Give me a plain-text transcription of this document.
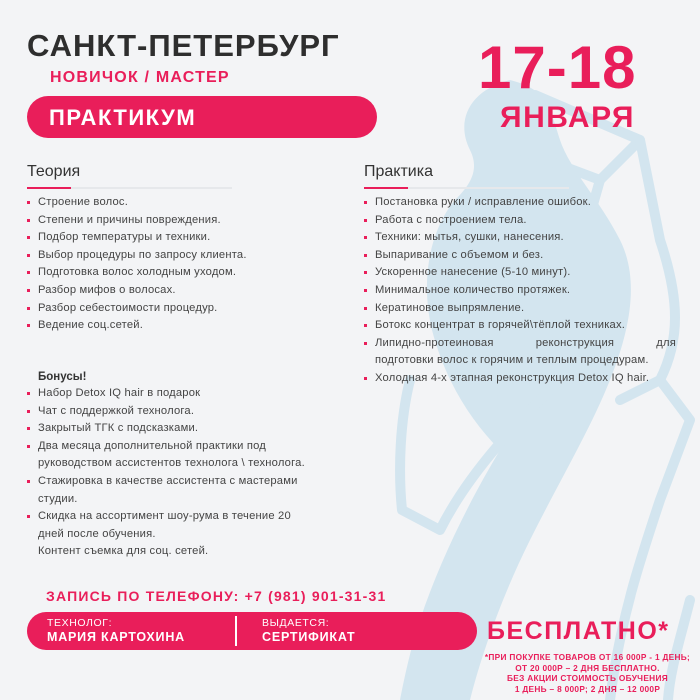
САНКТ-ПЕТЕРБУРГ
НОВИЧОК / МАСТЕР
ПРАКТИКУМ
17-18
ЯНВАРЯ
Теория
Строение волос.
Степени и причины повреждения.
Подбор температуры и техники.
Выбор процедуры по запросу клиента.
Подготовка волос холодным уходом.
Разбор мифов о волосах.
Разбор себестоимости процедур.
Ведение соц.сетей.
Практика
Постановка руки / исправление ошибок.
Работа с построением тела.
Техники: мытья, сушки, нанесения.
Выпаривание с объемом и без.
Ускоренное нанесение (5-10 минут).
Минимальное количество протяжек.
Кератиновое выпрямление.
Ботокс концентрат в горячей\тёплой техниках.
Липидно-протеиновая	реконструкция	для
подготовки волос к горячим и теплым процедурам.
Холодная 4-х этапная реконструкция Detox IQ hair.
Бонусы!
Набор Detox IQ hair в подарок
Чат с поддержкой технолога.
Закрытый ТГК с подсказками.
Два месяца дополнительной практики под
руководством ассистентов технолога \ технолога.
Стажировка в качестве ассистента с мастерами
студии.
Скидка на ассортимент шоу-рума в течение 20
дней после обучения.
Контент съемка для соц. сетей.
ЗАПИСЬ ПО ТЕЛЕФОНУ: +7 (981) 901-31-31
ТЕХНОЛОГ:
МАРИЯ КАРТОХИНА
ВЫДАЕТСЯ:
СЕРТИФИКАТ	БЕСПЛАТНО*
*ПРИ ПОКУПКЕ ТОВАРОВ ОТ 16 000Р - 1 ДЕНЬ;
ОТ 20 000Р – 2 ДНЯ БЕСПЛАТНО.
БЕЗ АКЦИИ СТОИМОСТЬ ОБУЧЕНИЯ
1 ДЕНЬ – 8 000Р; 2 ДНЯ – 12 000Р
